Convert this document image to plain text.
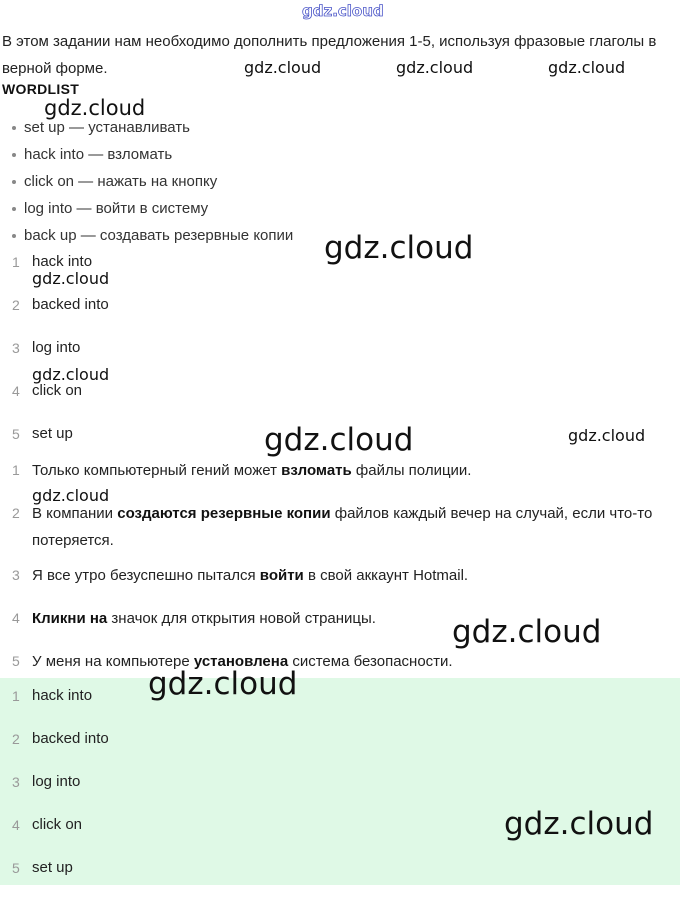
gdz.cloud
В этом задании нам необходимо дополнить предложения 1-5, используя фразовые глаголы в верной форме.	gdz.cloud	gdz.cloud	gdz.cloud
WORDLIST
gdz.cloud
set up — устанавливать
hack into — взломать
click on — нажать на кнопку
log into — войти в систему
back up — создавать резервные копии gdz.cloud
1 hack into
2 backed into
3 log into
4 click on
5 set up
gdz.cloud
gdz.cloud
gdz.cloud	gdz.cloud
1 Только компьютерный гений может взломать файлы полиции.
2 В компании создаются резервные копии файлов каждый вечер на случай, если что-то потеряется.
3 Я все утро безуспешно пытался войти в свой аккаунт Hotmail.
4 Кликни на значок для открытия новой страницы.
5 У меня на компьютере установлена система безопасности.
gdz.cloud
gdz.cloud
1 hack into
2 backed into
3 log into
4 click on
5 set up
gdz.cloud
gdz.cloud
